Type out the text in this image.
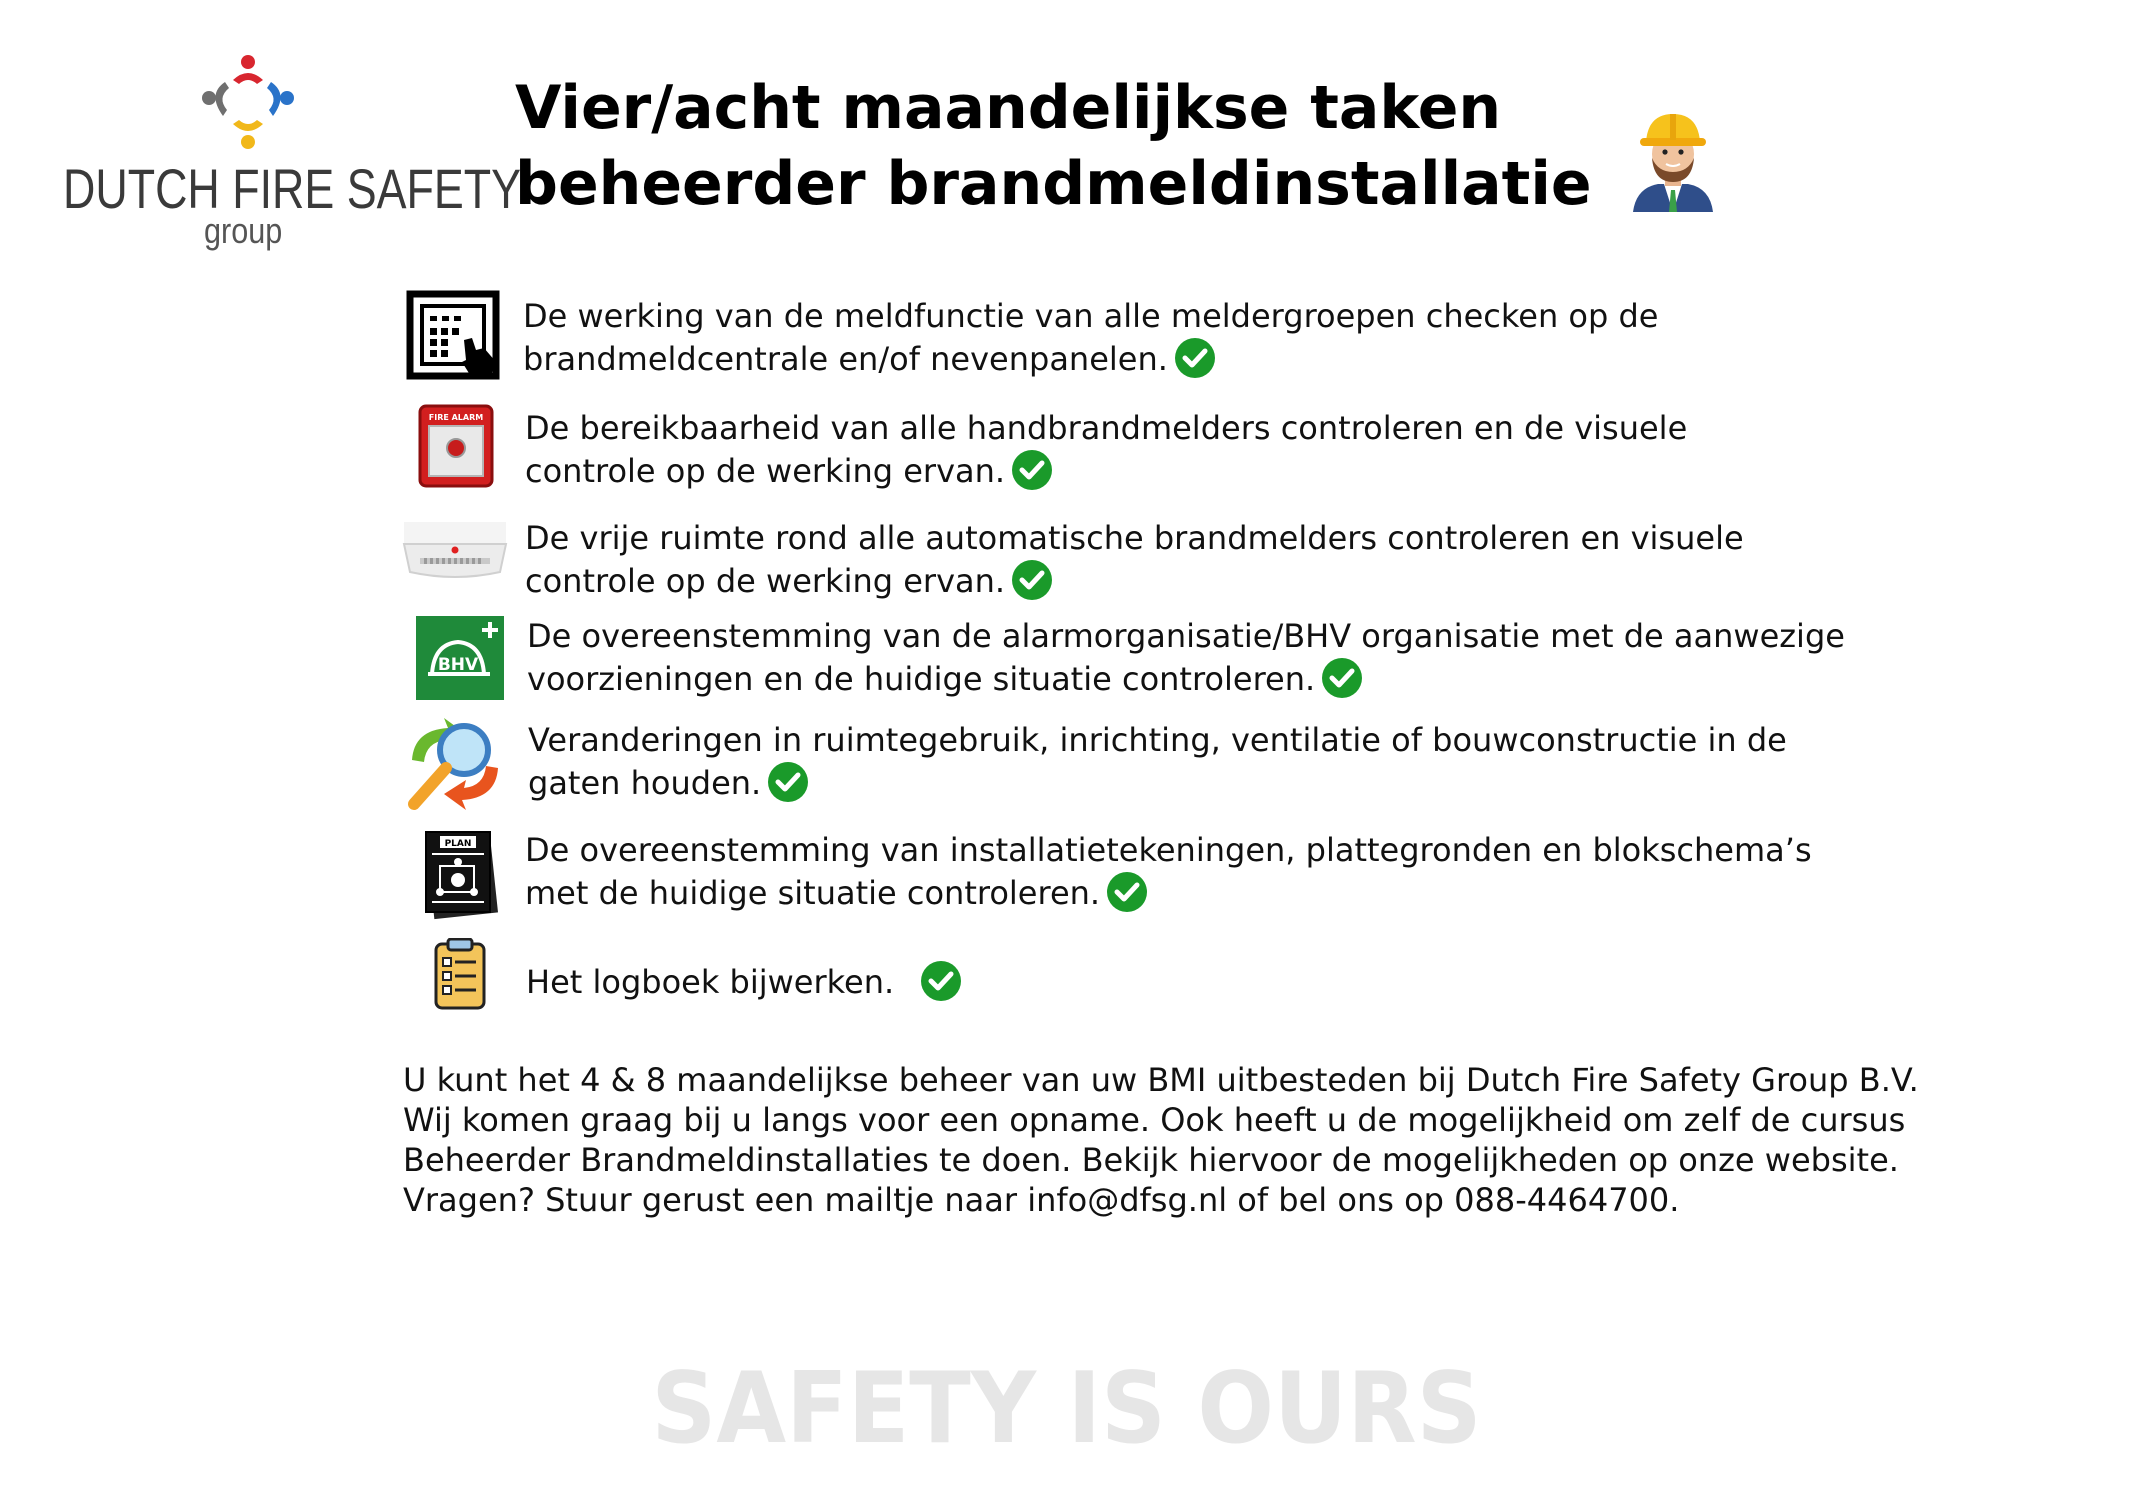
DUTCH FIRE SAFETY
group
Vier/acht maandelijkse taken
beheerder brandmeldinstallatie
De werking van de meldfunctie van alle meldergroepen checken op de
brandmeldcentrale en/of nevenpanelen.
FIRE ALARM De bereikbaarheid van alle handbrandmelders controleren en de visuele
controle op de werking ervan.
De vrije ruimte rond alle automatische brandmelders controleren en visuele
controle op de werking ervan.
BHV
De overeenstemming van de alarmorganisatie/BHV organisatie met de aanwezige
voorzieningen en de huidige situatie controleren.
Veranderingen in ruimtegebruik, inrichting, ventilatie of bouwconstructie in de
gaten houden.
PLAN De overeenstemming van installatietekeningen, plattegronden en blokschema’s
met de huidige situatie controleren.
Het logboek bijwerken.

U kunt het 4 & 8 maandelijkse beheer van uw BMI uitbesteden bij Dutch Fire Safety Group B.V.

Wij komen graag bij u langs voor een opname. Ook heeft u de mogelijkheid om zelf de cursus

Beheerder Brandmeldinstallaties te doen. Bekijk hiervoor de mogelijkheden op onze website.

Vragen? Stuur gerust een mailtje naar info@dfsg.nl of bel ons op 088-4464700.

SAFETY IS OURS
